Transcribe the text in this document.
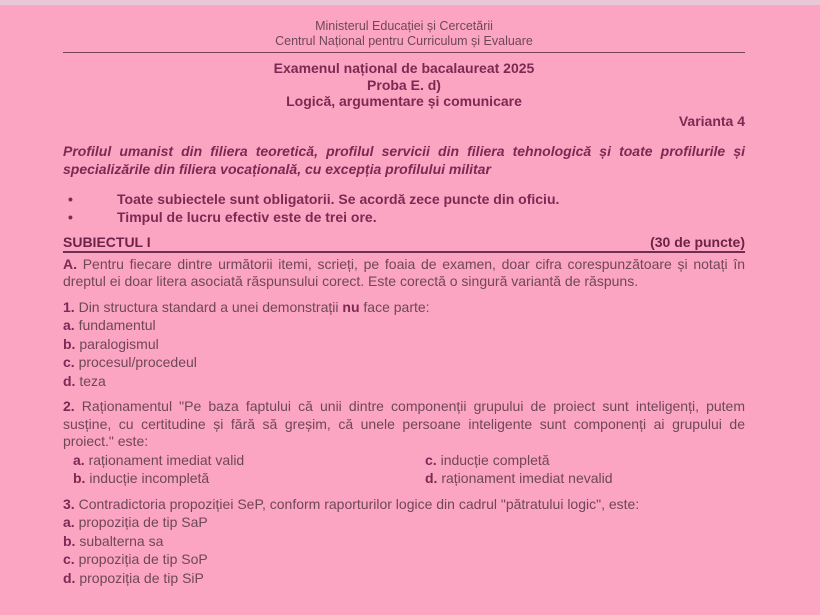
Ministerul Educației și Cercetării
Centrul Național pentru Curriculum și Evaluare
Examenul național de bacalaureat 2025
Proba E. d)
Logică, argumentare și comunicare
Varianta 4
Profilul umanist din filiera teoretică, profilul servicii din filiera tehnologică și toate profilurile și specializările din filiera vocațională, cu excepția profilului militar
•	Toate subiectele sunt obligatorii. Se acordă zece puncte din oficiu.
•	Timpul de lucru efectiv este de trei ore.
SUBIECTUL I	(30 de puncte)
A. Pentru fiecare dintre următorii itemi, scrieți, pe foaia de examen, doar cifra corespunzătoare și notați în dreptul ei doar litera asociată răspunsului corect. Este corectă o singură variantă de răspuns.
1. Din structura standard a unei demonstrații nu face parte:
a. fundamentul
b. paralogismul
c. procesul/procedeul
d. teza
2. Raționamentul "Pe baza faptului că unii dintre componenții grupului de proiect sunt inteligenți, putem susține, cu certitudine și fără să greșim, că unele persoane inteligente sunt componenți ai grupului de proiect." este:
a. raționament imediat valid	c. inducție completă
b. inducție incompletă	d. raționament imediat nevalid
3. Contradictoria propoziției SeP, conform raporturilor logice din cadrul "pătratului logic", este:
a. propoziția de tip SaP
b. subalterna sa
c. propoziția de tip SoP
d. propoziția de tip SiP
